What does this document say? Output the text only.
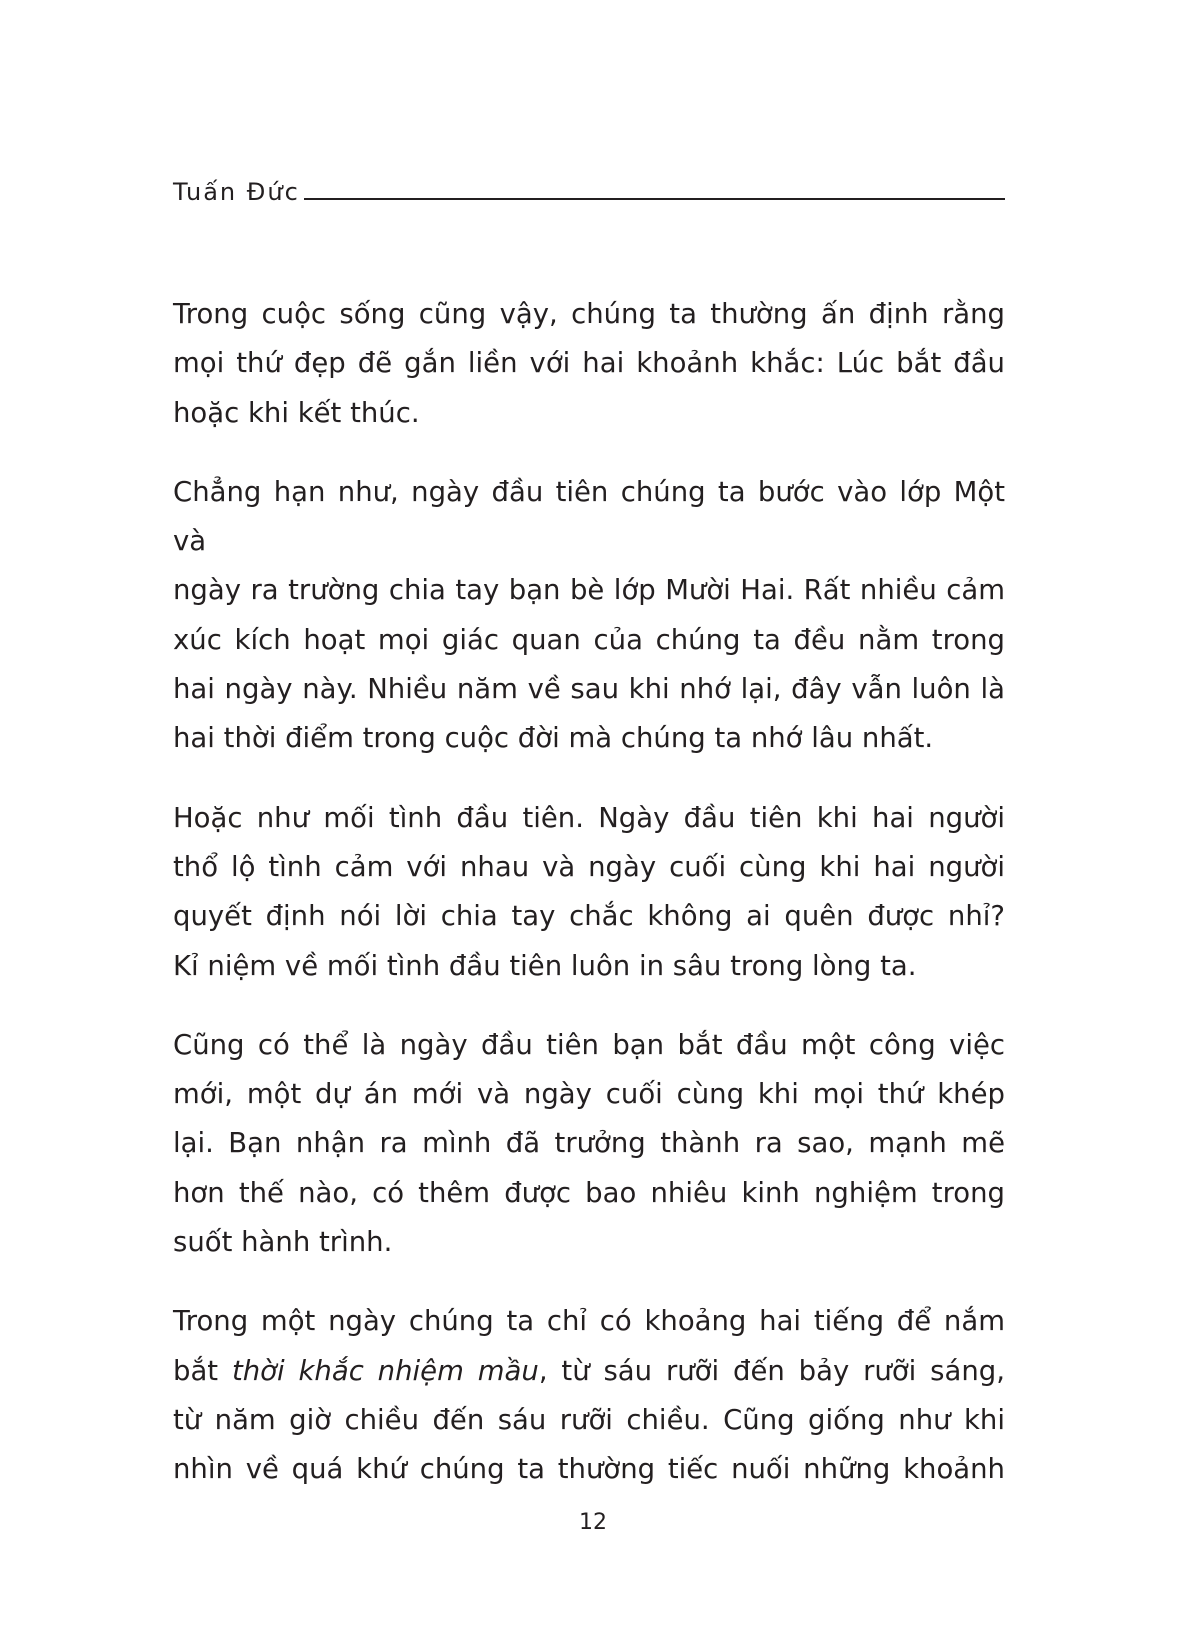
Tuấn Đức

Trong cuộc sống cũng vậy, chúng ta thường ấn định rằng
mọi thứ đẹp đẽ gắn liền với hai khoảnh khắc: Lúc bắt đầu
hoặc khi kết thúc.

Chẳng hạn như, ngày đầu tiên chúng ta bước vào lớp Một và
ngày ra trường chia tay bạn bè lớp Mười Hai. Rất nhiều cảm
xúc kích hoạt mọi giác quan của chúng ta đều nằm trong
hai ngày này. Nhiều năm về sau khi nhớ lại, đây vẫn luôn là
hai thời điểm trong cuộc đời mà chúng ta nhớ lâu nhất.

Hoặc như mối tình đầu tiên. Ngày đầu tiên khi hai người
thổ lộ tình cảm với nhau và ngày cuối cùng khi hai người
quyết định nói lời chia tay chắc không ai quên được nhỉ?
Kỉ niệm về mối tình đầu tiên luôn in sâu trong lòng ta.

Cũng có thể là ngày đầu tiên bạn bắt đầu một công việc
mới, một dự án mới và ngày cuối cùng khi mọi thứ khép
lại. Bạn nhận ra mình đã trưởng thành ra sao, mạnh mẽ
hơn thế nào, có thêm được bao nhiêu kinh nghiệm trong
suốt hành trình.

Trong một ngày chúng ta chỉ có khoảng hai tiếng để nắm
bắt thời khắc nhiệm mầu, từ sáu rưỡi đến bảy rưỡi sáng,
từ năm giờ chiều đến sáu rưỡi chiều. Cũng giống như khi
nhìn về quá khứ chúng ta thường tiếc nuối những khoảnh

12
